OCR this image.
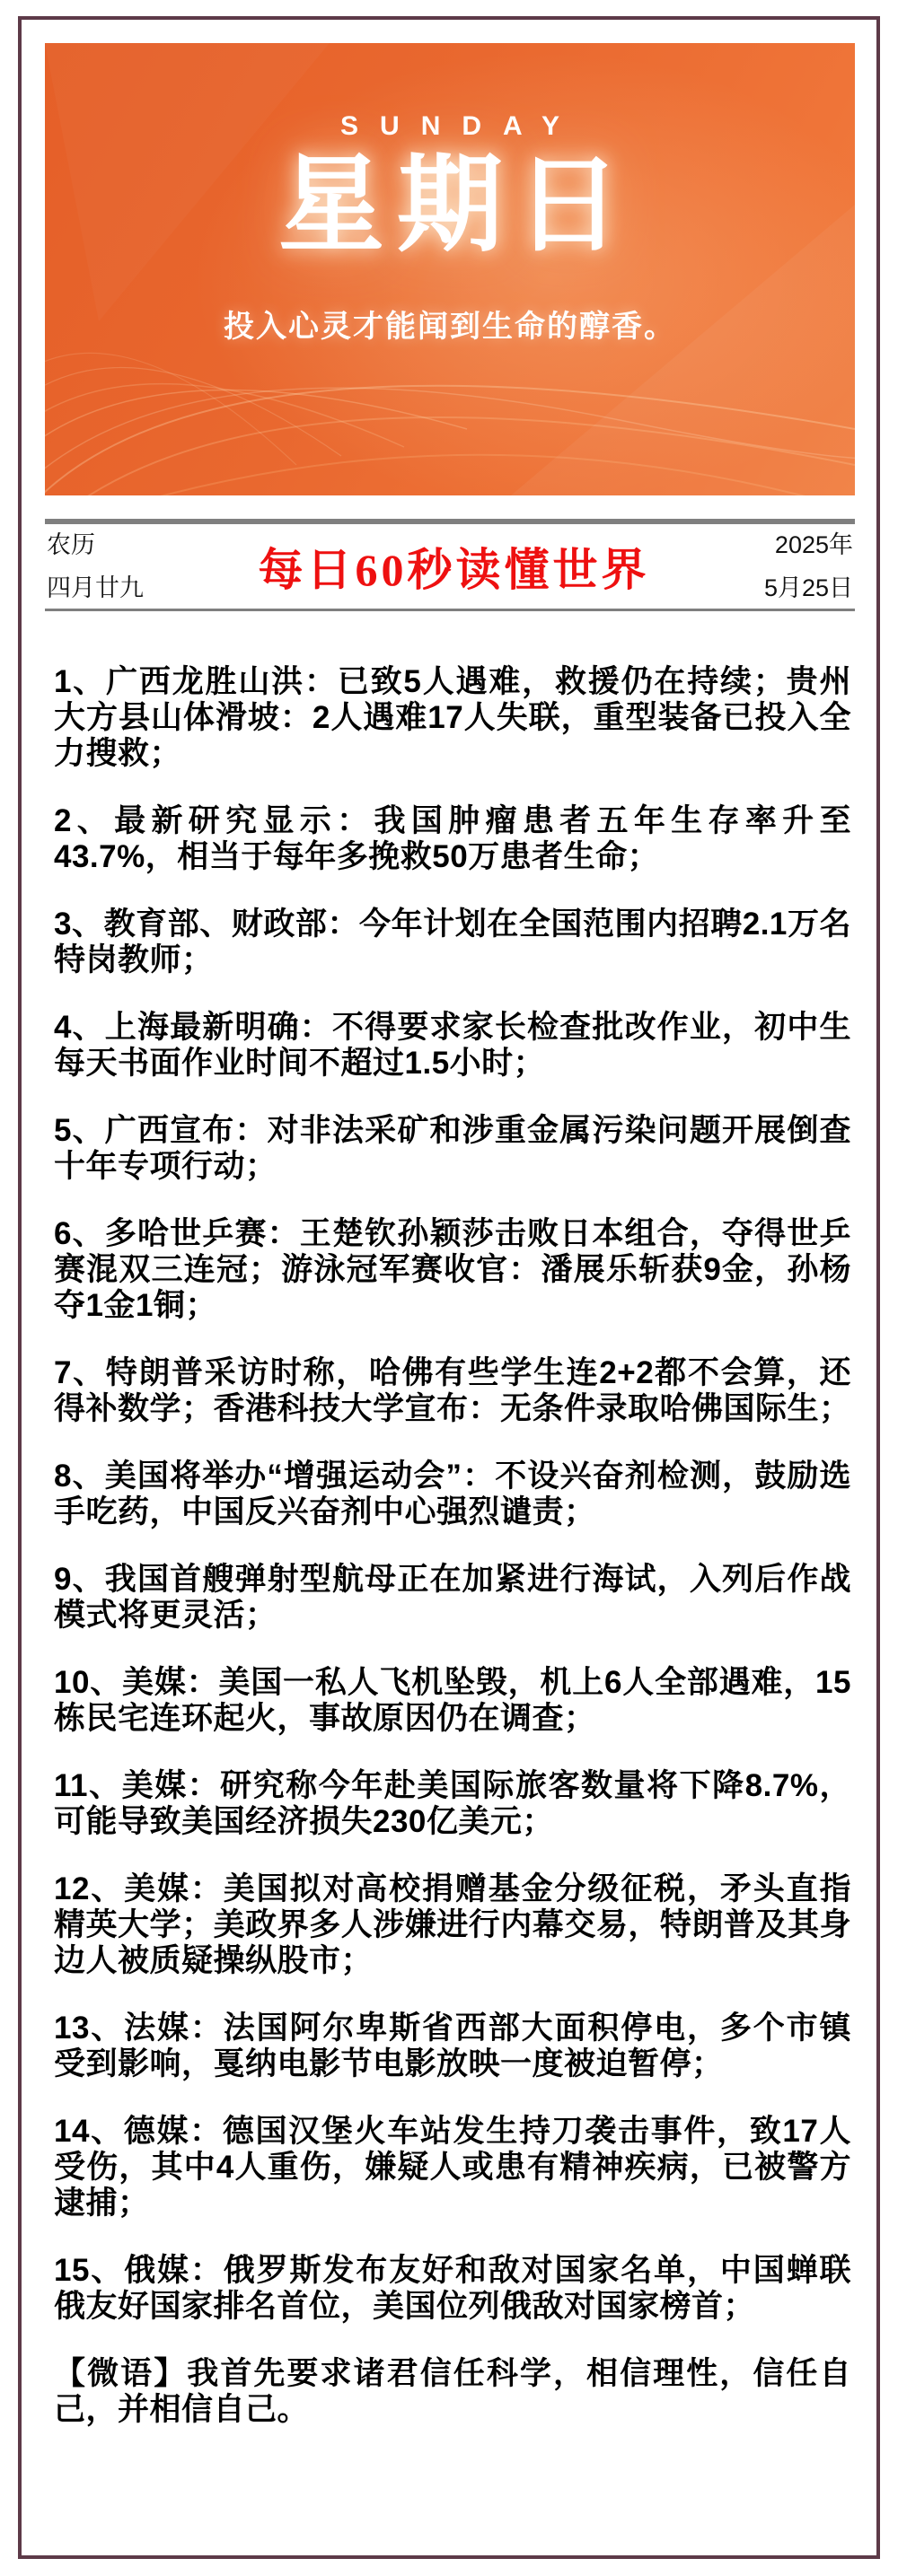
SUNDAY
星期日
投入心灵才能闻到生命的醇香。
农历
四月廿九	每日60秒读懂世界	2025年
5月25日

1、广西龙胜山洪：已致5人遇难，救援仍在持续；贵州大方县山体滑坡：2人遇难17人失联，重型装备已投入全力搜救；

2、最新研究显示：我国肿瘤患者五年生存率升至43.7%，相当于每年多挽救50万患者生命；

3、教育部、财政部：今年计划在全国范围内招聘2.1万名特岗教师；

4、上海最新明确：不得要求家长检查批改作业，初中生每天书面作业时间不超过1.5小时；

5、广西宣布：对非法采矿和涉重金属污染问题开展倒查十年专项行动；

6、多哈世乒赛：王楚钦孙颖莎击败日本组合，夺得世乒赛混双三连冠；游泳冠军赛收官：潘展乐斩获9金，孙杨夺1金1铜；

7、特朗普采访时称，哈佛有些学生连2+2都不会算，还得补数学；香港科技大学宣布：无条件录取哈佛国际生；

8、美国将举办“增强运动会”：不设兴奋剂检测，鼓励选手吃药，中国反兴奋剂中心强烈谴责；

9、我国首艘弹射型航母正在加紧进行海试，入列后作战模式将更灵活；

10、美媒：美国一私人飞机坠毁，机上6人全部遇难，15栋民宅连环起火，事故原因仍在调查；

11、美媒：研究称今年赴美国际旅客数量将下降8.7%，可能导致美国经济损失230亿美元；

12、美媒：美国拟对高校捐赠基金分级征税，矛头直指精英大学；美政界多人涉嫌进行内幕交易，特朗普及其身边人被质疑操纵股市；

13、法媒：法国阿尔卑斯省西部大面积停电，多个市镇受到影响，戛纳电影节电影放映一度被迫暂停；

14、德媒：德国汉堡火车站发生持刀袭击事件，致17人受伤，其中4人重伤，嫌疑人或患有精神疾病，已被警方逮捕；

15、俄媒：俄罗斯发布友好和敌对国家名单，中国蝉联俄友好国家排名首位，美国位列俄敌对国家榜首；

【微语】我首先要求诸君信任科学，相信理性，信任自己，并相信自己。
